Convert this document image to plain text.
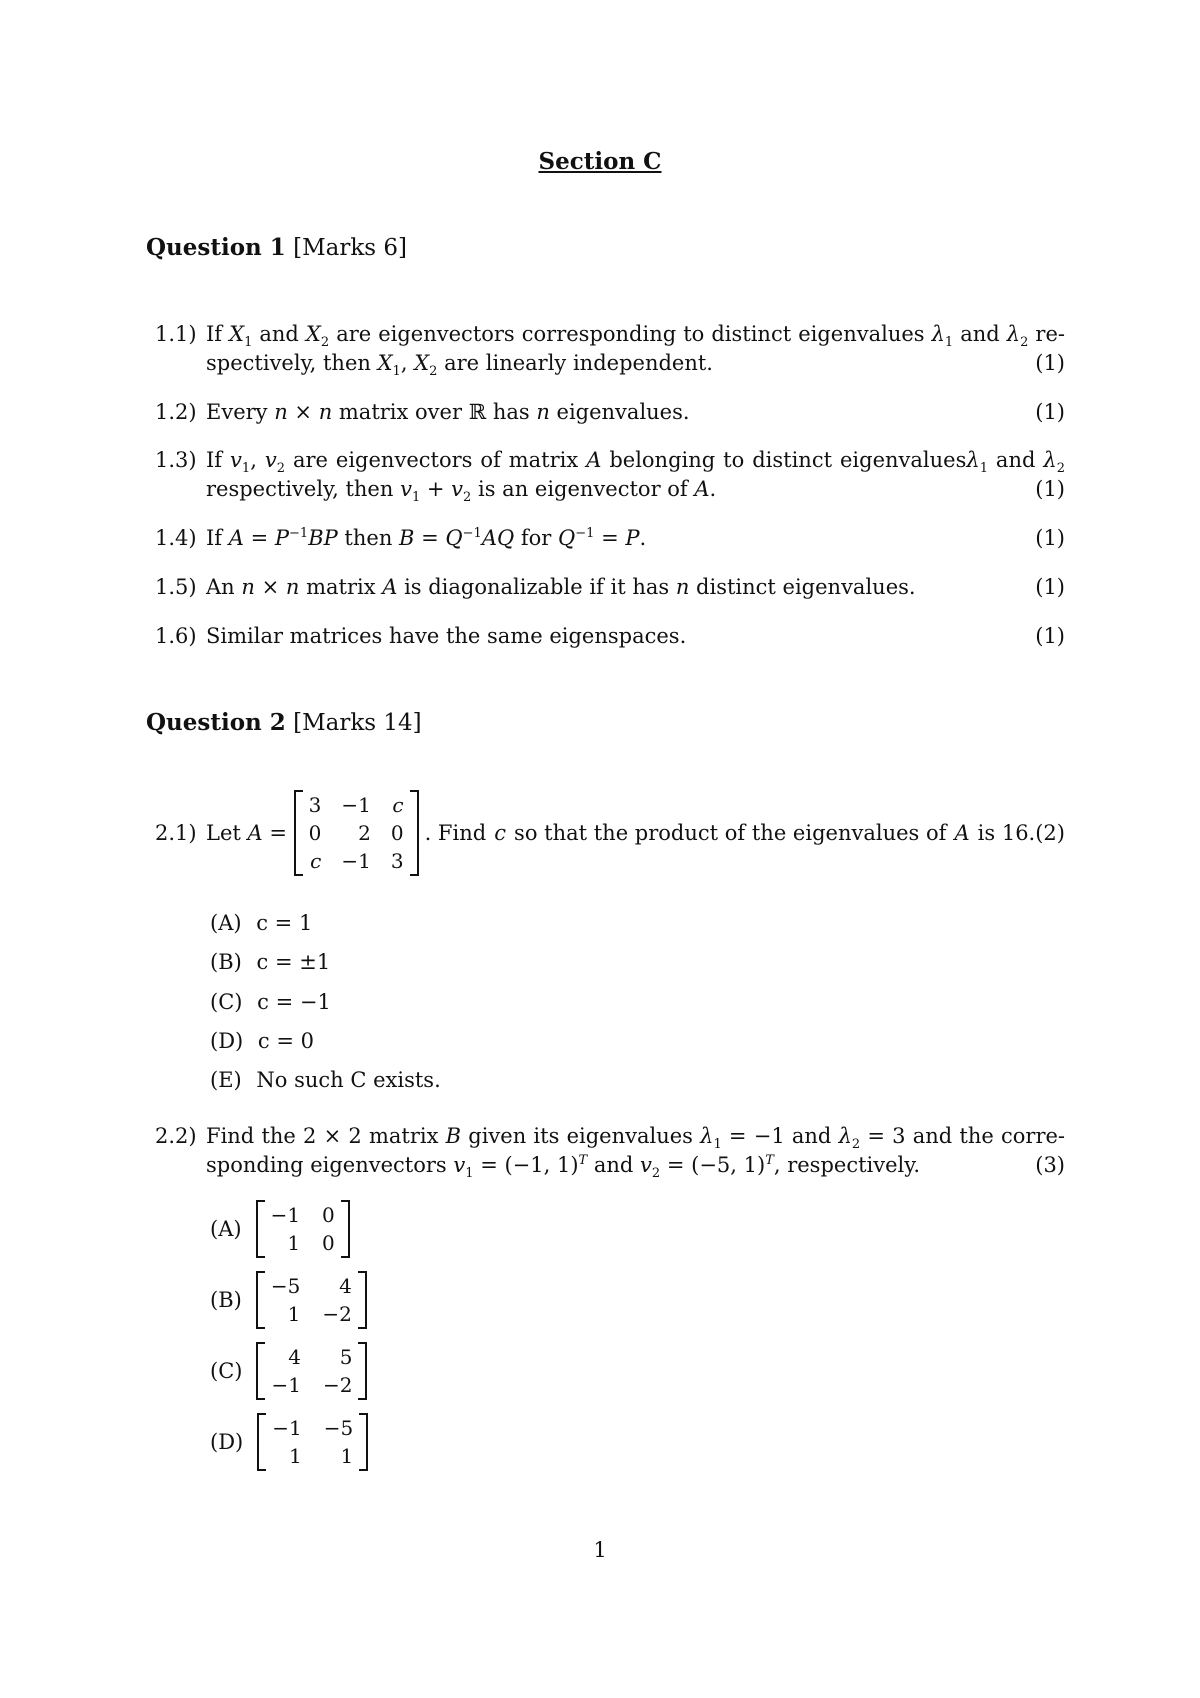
Section C
Question 1 [Marks 6]
1.1) If $X_1$ and $X_2$ are eigenvectors corresponding to distinct eigenvalues $\lambda_1$ and $\lambda_2$ re-
spectively, then $X_1$, $X_2$ are linearly independent.	(1)
1.2) Every n × n matrix over ℝ has n eigenvalues.	(1)
1.3) If $v_1$, $v_2$ are eigenvectors of matrix A belonging to distinct eigenvaluesλ$_1$ and $\lambda_2$
respectively, then $v_1 + v_2$ is an eigenvector of A.	(1)
1.4) If $A = P^{-1}BP$ then $B = Q^{-1}AQ$ for $Q^{-1} = P$.	(1)
1.5) An n × n matrix A is diagonalizable if it has n distinct eigenvalues.	(1)
1.6) Similar matrices have the same eigenspaces.	(1)
Question 2 [Marks 14]
2.1) Let A =
3 −1 c
0	2 0
c −1 3
. Find c so that the product of the eigenvalues of A is 16.(2)
(A) c = 1
(B) c = ±1
(C) c = −1
(D) c = 0
(E) No such C exists.
2.2) Find the 2 × 2 matrix B given its eigenvalues $\lambda_1 = -1$ and $\lambda_2 = 3$ and the corre-
sponding eigenvectors $v_1 = (-1$, 1)$^T$ and $v_2 = (-5$, 1)$^T$, respectively.	(3)
(A)
−1 0
1 0
(B)
−5	4
1 −2
(C)
4	5
−1 −2
(D)
−1 −5
1	1
1
